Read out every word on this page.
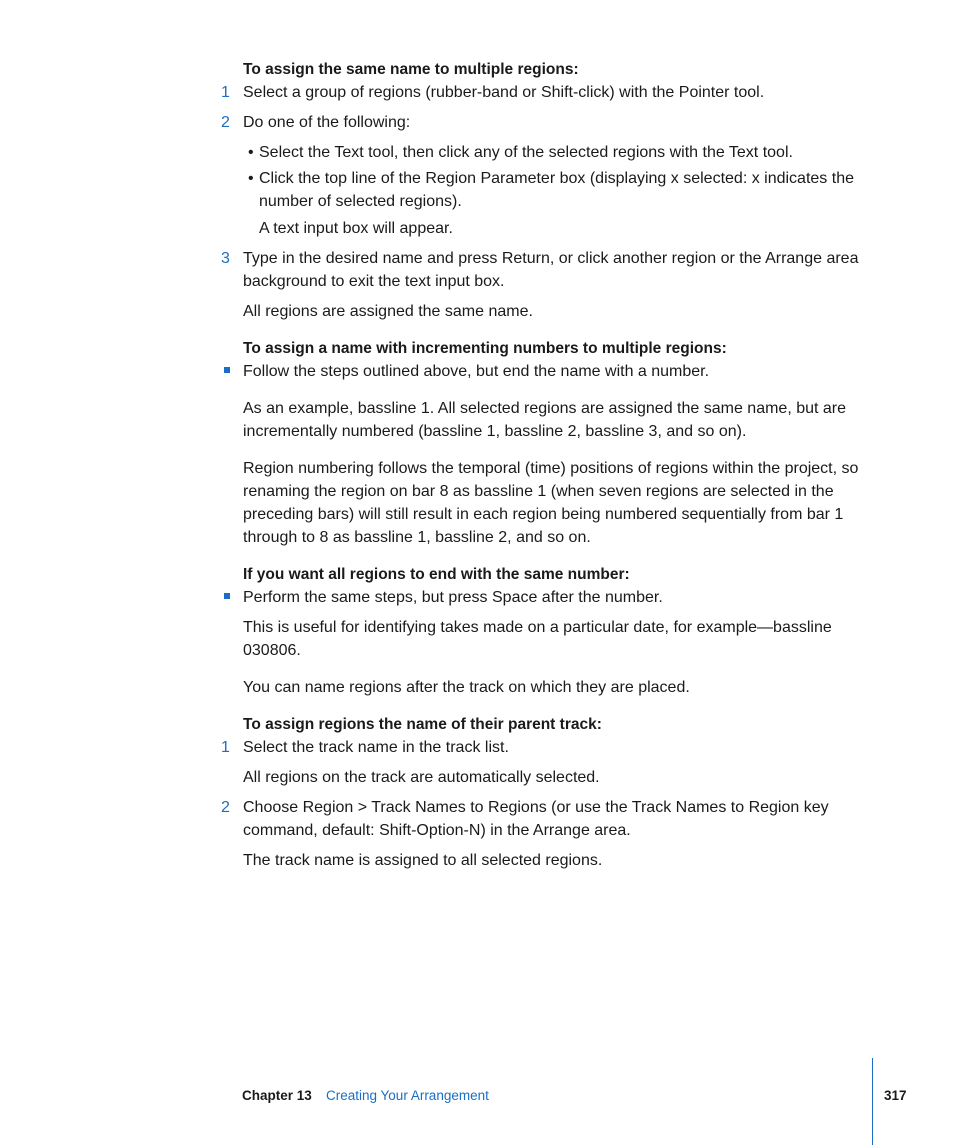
To assign the same name to multiple regions:
1 Select a group of regions (rubber-band or Shift-click) with the Pointer tool.
2 Do one of the following:
• Select the Text tool, then click any of the selected regions with the Text tool.
• Click the top line of the Region Parameter box (displaying x selected: x indicates the number of selected regions).
A text input box will appear.
3 Type in the desired name and press Return, or click another region or the Arrange area background to exit the text input box.
All regions are assigned the same name.
To assign a name with incrementing numbers to multiple regions:
Follow the steps outlined above, but end the name with a number.
As an example, bassline 1. All selected regions are assigned the same name, but are incrementally numbered (bassline 1, bassline 2, bassline 3, and so on).
Region numbering follows the temporal (time) positions of regions within the project, so renaming the region on bar 8 as bassline 1 (when seven regions are selected in the preceding bars) will still result in each region being numbered sequentially from bar 1 through to 8 as bassline 1, bassline 2, and so on.
If you want all regions to end with the same number:
Perform the same steps, but press Space after the number.
This is useful for identifying takes made on a particular date, for example—bassline 030806.
You can name regions after the track on which they are placed.
To assign regions the name of their parent track:
1 Select the track name in the track list.
All regions on the track are automatically selected.
2 Choose Region > Track Names to Regions (or use the Track Names to Region key command, default: Shift-Option-N) in the Arrange area.
The track name is assigned to all selected regions.
Chapter 13 Creating Your Arrangement	317
